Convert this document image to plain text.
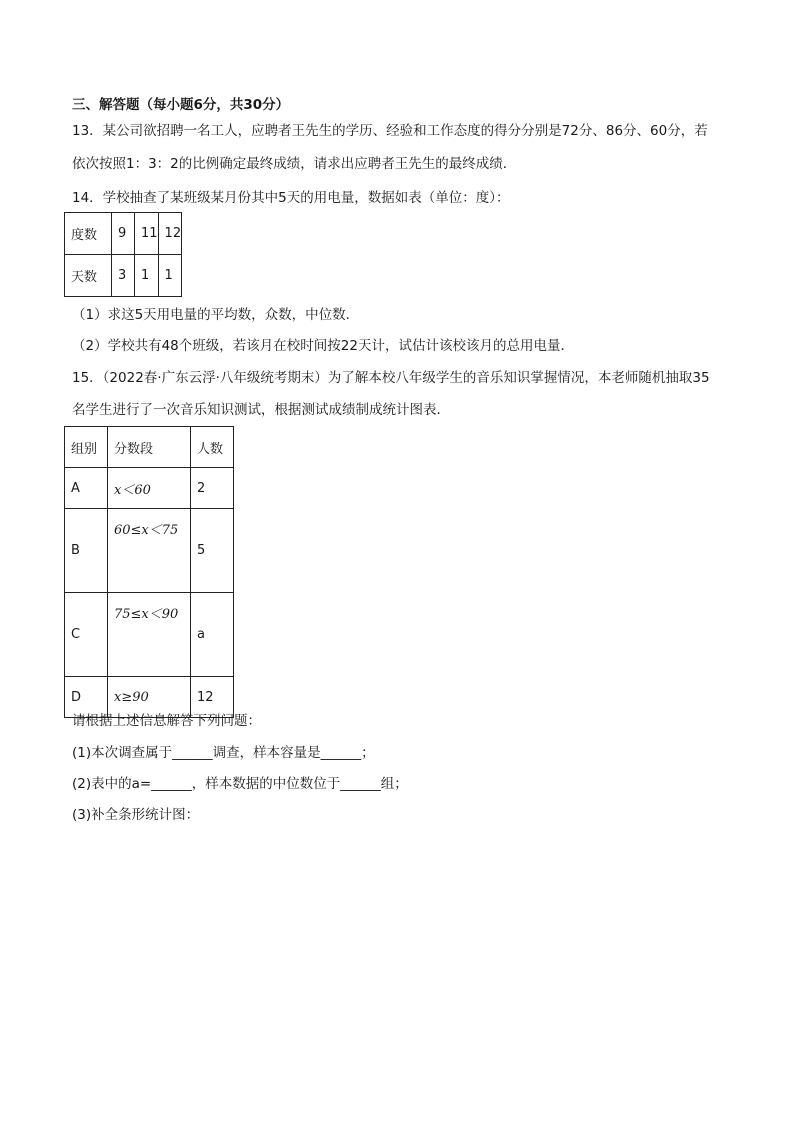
三、解答题（每小题6分，共30分）
13．某公司欲招聘一名工人，应聘者王先生的学历、经验和工作态度的得分分别是72分、86分、60分，若
依次按照1：3：2的比例确定最终成绩，请求出应聘者王先生的最终成绩．
14．学校抽查了某班级某月份其中5天的用电量，数据如表（单位：度）：
度数	9	11	12
天数	3	1	1
（1）求这5天用电量的平均数，众数，中位数．
（2）学校共有48个班级，若该月在校时间按22天计，试估计该校该月的总用电量．
15．（2022春·广东云浮·八年级统考期末）为了解本校八年级学生的音乐知识掌握情况，本老师随机抽取35
名学生进行了一次音乐知识测试，根据测试成绩制成统计图表．
组别	分数段	人数
A	x＜60	2
B	60≤x＜75	5
C	75≤x＜90	a
D	x≥90	12
请根据上述信息解答下列问题：
(1)本次调查属于______调查，样本容量是______；
(2)表中的a=______，样本数据的中位数位于______组；
(3)补全条形统计图：
